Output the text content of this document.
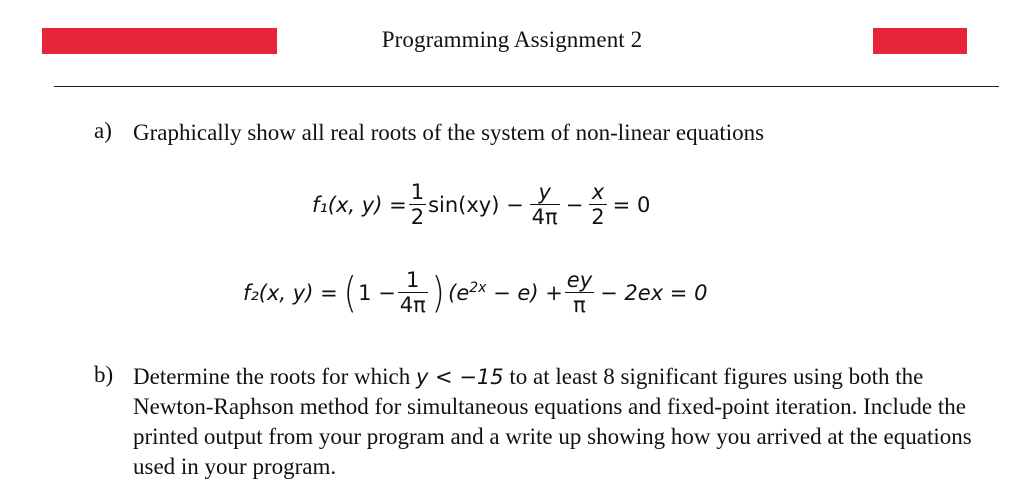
Programming Assignment 2
a) Graphically show all real roots of the system of non-linear equations
f₁(x, $y) = \frac{1}{2} \sin(xy) - \frac{y}{4\pi} - \frac{x}{2} = 0$
f₂(x, y) = ( $1 - \frac{1}{4\pi}$ ) $(e^{2x} - e) + \frac{ey}{\pi} - 2ex = 0$
b) Determine the roots for which y < −15 to at least 8 significant figures using both the Newton-Raphson method for simultaneous equations and fixed-point iteration. Include the printed output from your program and a write up showing how you arrived at the equations used in your program.
